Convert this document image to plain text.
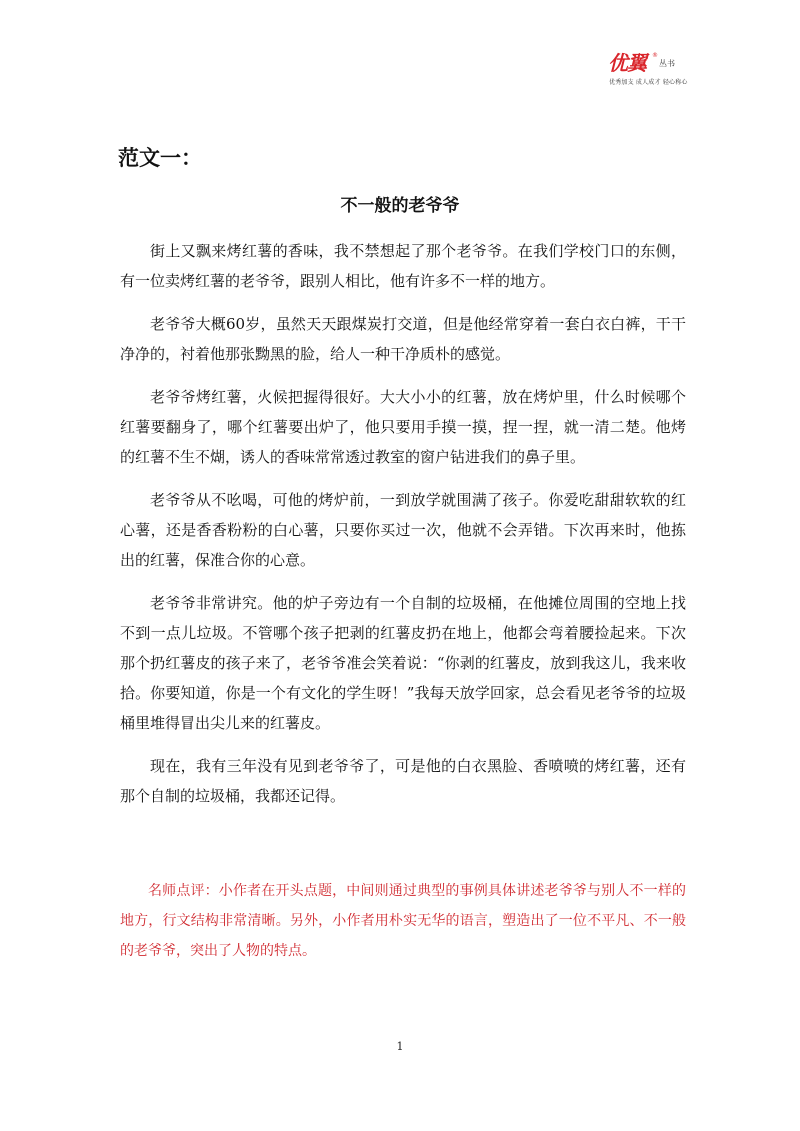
优翼 ®
丛书
优秀加支 成人成才 轻心称心
范文一：
不一般的老爷爷

街上又飘来烤红薯的香味，我不禁想起了那个老爷爷。在我们学校门口的东侧，有一位卖烤红薯的老爷爷，跟别人相比，他有许多不一样的地方。

老爷爷大概60岁，虽然天天跟煤炭打交道，但是他经常穿着一套白衣白裤，干干净净的，衬着他那张黝黑的脸，给人一种干净质朴的感觉。

老爷爷烤红薯，火候把握得很好。大大小小的红薯，放在烤炉里，什么时候哪个红薯要翻身了，哪个红薯要出炉了，他只要用手摸一摸，捏一捏，就一清二楚。他烤的红薯不生不煳，诱人的香味常常透过教室的窗户钻进我们的鼻子里。

老爷爷从不吆喝，可他的烤炉前，一到放学就围满了孩子。你爱吃甜甜软软的红心薯，还是香香粉粉的白心薯，只要你买过一次，他就不会弄错。下次再来时，他拣出的红薯，保准合你的心意。

老爷爷非常讲究。他的炉子旁边有一个自制的垃圾桶，在他摊位周围的空地上找不到一点儿垃圾。不管哪个孩子把剥的红薯皮扔在地上，他都会弯着腰捡起来。下次那个扔红薯皮的孩子来了，老爷爷准会笑着说：“你剥的红薯皮，放到我这儿，我来收拾。你要知道，你是一个有文化的学生呀！”我每天放学回家，总会看见老爷爷的垃圾桶里堆得冒出尖儿来的红薯皮。

现在，我有三年没有见到老爷爷了，可是他的白衣黑脸、香喷喷的烤红薯，还有那个自制的垃圾桶，我都还记得。

名师点评：小作者在开头点题，中间则通过典型的事例具体讲述老爷爷与别人不一样的地方，行文结构非常清晰。另外，小作者用朴实无华的语言，塑造出了一位不平凡、不一般的老爷爷，突出了人物的特点。

1
